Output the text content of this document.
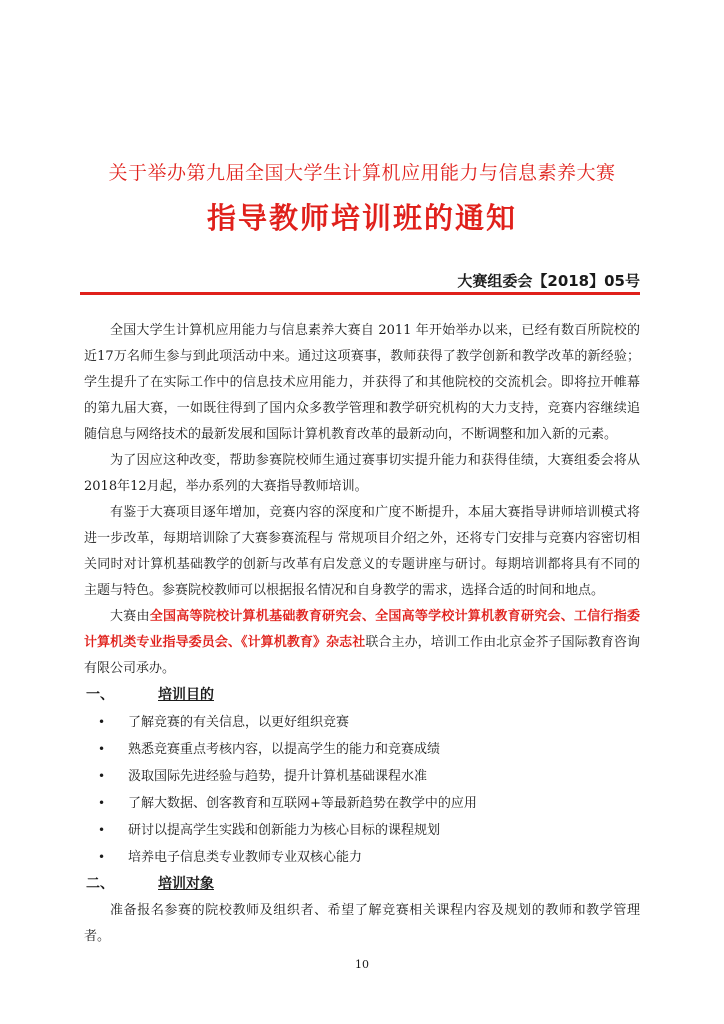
关于举办第九届全国大学生计算机应用能力与信息素养大赛
指导教师培训班的通知
大赛组委会【2018】05号

全国大学生计算机应用能力与信息素养大赛自 2011 年开始举办以来，已经有数百所院校的近17万名师生参与到此项活动中来。通过这项赛事，教师获得了教学创新和教学改革的新经验；学生提升了在实际工作中的信息技术应用能力，并获得了和其他院校的交流机会。即将拉开帷幕的第九届大赛，一如既往得到了国内众多教学管理和教学研究机构的大力支持，竞赛内容继续追随信息与网络技术的最新发展和国际计算机教育改革的最新动向，不断调整和加入新的元素。

为了因应这种改变，帮助参赛院校师生通过赛事切实提升能力和获得佳绩，大赛组委会将从2018年12月起，举办系列的大赛指导教师培训。

有鉴于大赛项目逐年增加，竞赛内容的深度和广度不断提升，本届大赛指导讲师培训模式将进一步改革，每期培训除了大赛参赛流程与 常规项目介绍之外，还将专门安排与竞赛内容密切相关同时对计算机基础教学的创新与改革有启发意义的专题讲座与研讨。每期培训都将具有不同的主题与特色。参赛院校教师可以根据报名情况和自身教学的需求，选择合适的时间和地点。

大赛由全国高等院校计算机基础教育研究会、全国高等学校计算机教育研究会、工信行指委计算机类专业指导委员会、《计算机教育》杂志社联合主办，培训工作由北京金芥子国际教育咨询有限公司承办。

一、	培训目的
• 了解竞赛的有关信息，以更好组织竞赛
• 熟悉竞赛重点考核内容，以提高学生的能力和竞赛成绩
• 汲取国际先进经验与趋势，提升计算机基础课程水准
• 了解大数据、创客教育和互联网+等最新趋势在教学中的应用
• 研讨以提高学生实践和创新能力为核心目标的课程规划
• 培养电子信息类专业教师专业双核心能力
二、	培训对象

准备报名参赛的院校教师及组织者、希望了解竞赛相关课程内容及规划的教师和教学管理者。

10
